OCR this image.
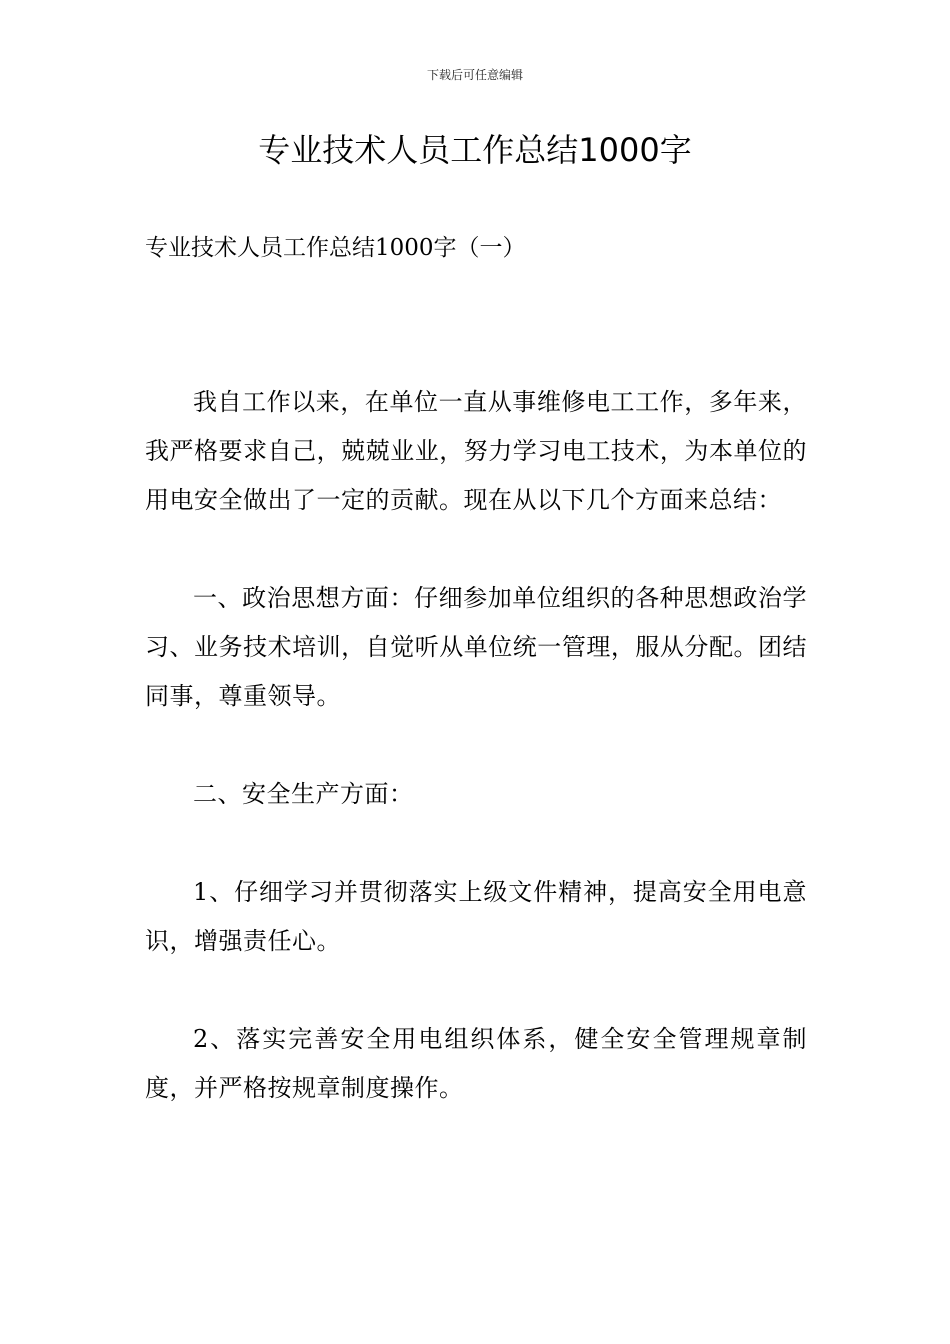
下载后可任意编辑
专业技术人员工作总结1000字
专业技术人员工作总结1000字（一）

我自工作以来，在单位一直从事维修电工工作，多年来，我严格要求自己，兢兢业业，努力学习电工技术，为本单位的用电安全做出了一定的贡献。现在从以下几个方面来总结：

一、政治思想方面：仔细参加单位组织的各种思想政治学习、业务技术培训，自觉听从单位统一管理，服从分配。团结同事，尊重领导。

二、安全生产方面：

1、仔细学习并贯彻落实上级文件精神，提高安全用电意识，增强责任心。

2、落实完善安全用电组织体系，健全安全管理规章制度，并严格按规章制度操作。
